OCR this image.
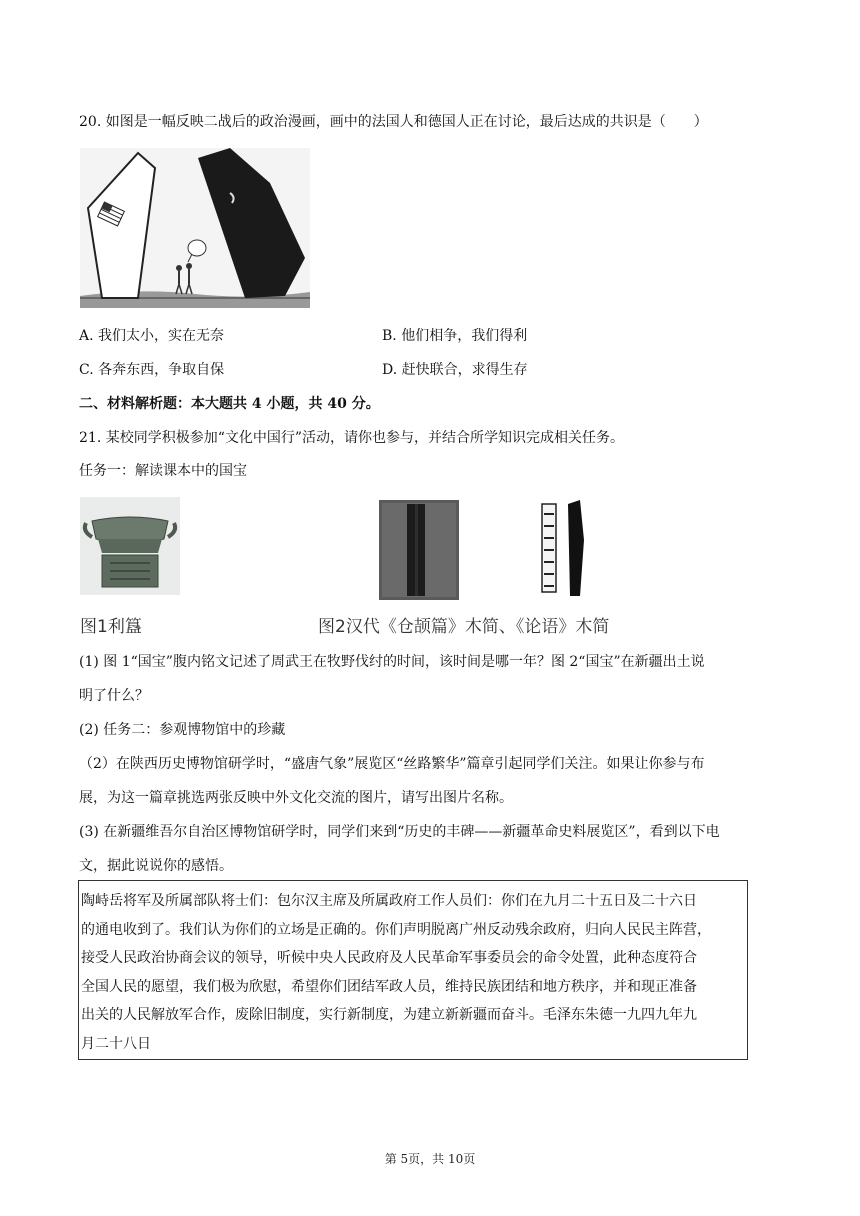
20. 如图是一幅反映二战后的政治漫画，画中的法国人和德国人正在讨论，最后达成的共识是（　　）
A. 我们太小，实在无奈	B. 他们相争，我们得利
C. 各奔东西，争取自保	D. 赶快联合，求得生存
二、材料解析题：本大题共 4 小题，共 40 分。
21. 某校同学积极参加“文化中国行”活动，请你也参与，并结合所学知识完成相关任务。
任务一：解读课本中的国宝
图1利簋	图2汉代《仓颉篇》木简、《论语》木简
(1) 图 1“国宝”腹内铭文记述了周武王在牧野伐纣的时间，该时间是哪一年？图 2“国宝”在新疆出土说
明了什么？
(2) 任务二：参观博物馆中的珍藏
（2）在陕西历史博物馆研学时，“盛唐气象”展览区“丝路繁华”篇章引起同学们关注。如果让你参与布
展，为这一篇章挑选两张反映中外文化交流的图片，请写出图片名称。
(3) 在新疆维吾尔自治区博物馆研学时，同学们来到“历史的丰碑——新疆革命史料展览区”，看到以下电
文，据此说说你的感悟。
陶峙岳将军及所属部队将士们：包尔汉主席及所属政府工作人员们：你们在九月二十五日及二十六日
的通电收到了。我们认为你们的立场是正确的。你们声明脱离广州反动残余政府，归向人民民主阵营，
接受人民政治协商会议的领导，听候中央人民政府及人民革命军事委员会的命令处置，此种态度符合
全国人民的愿望，我们极为欣慰，希望你们团结军政人员，维持民族团结和地方秩序，并和现正准备
出关的人民解放军合作，废除旧制度，实行新制度，为建立新新疆而奋斗。毛泽东朱德一九四九年九
月二十八日
第 5页，共 10页
